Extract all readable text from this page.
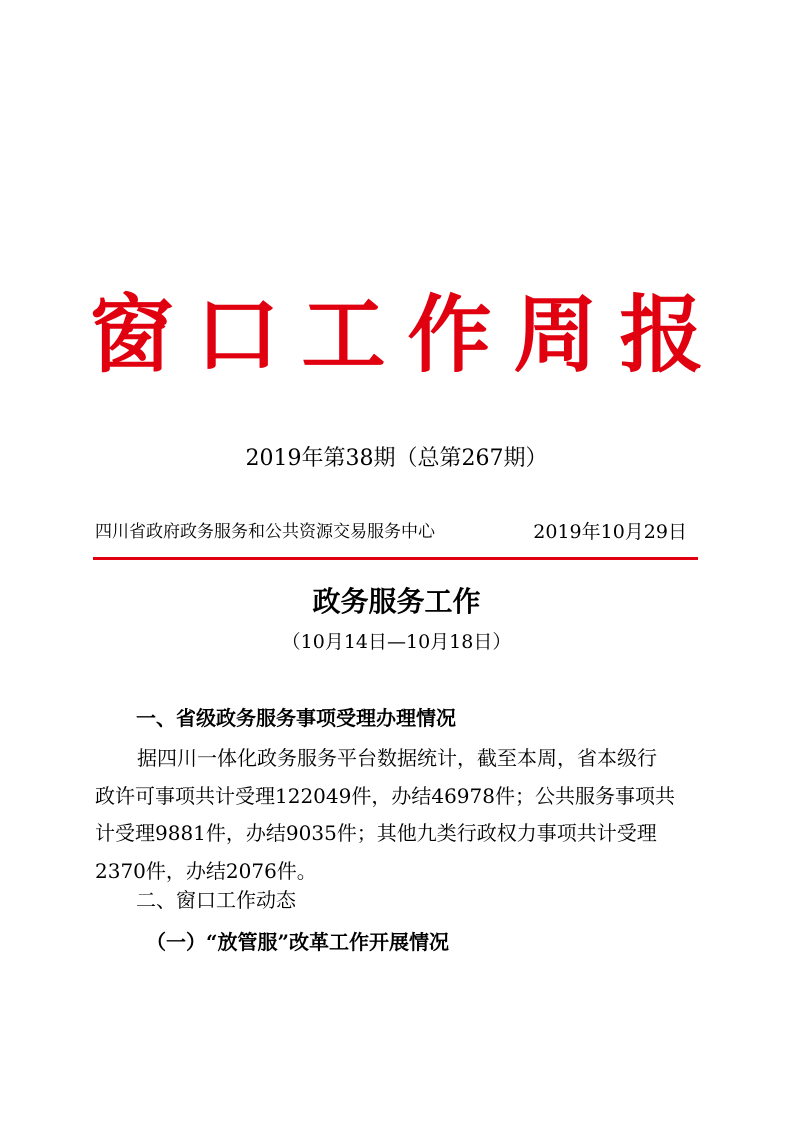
窗口工作周报
2019年第38期（总第267期）
四川省政府政务服务和公共资源交易服务中心	2019年10月29日
政务服务工作
（10月14日—10月18日）
一、省级政务服务事项受理办理情况
据四川一体化政务服务平台数据统计，截至本周，省本级行
政许可事项共计受理122049件，办结46978件；公共服务事项共
计受理9881件，办结9035件；其他九类行政权力事项共计受理
2370件，办结2076件。
二、窗口工作动态
（一）“放管服”改革工作开展情况
